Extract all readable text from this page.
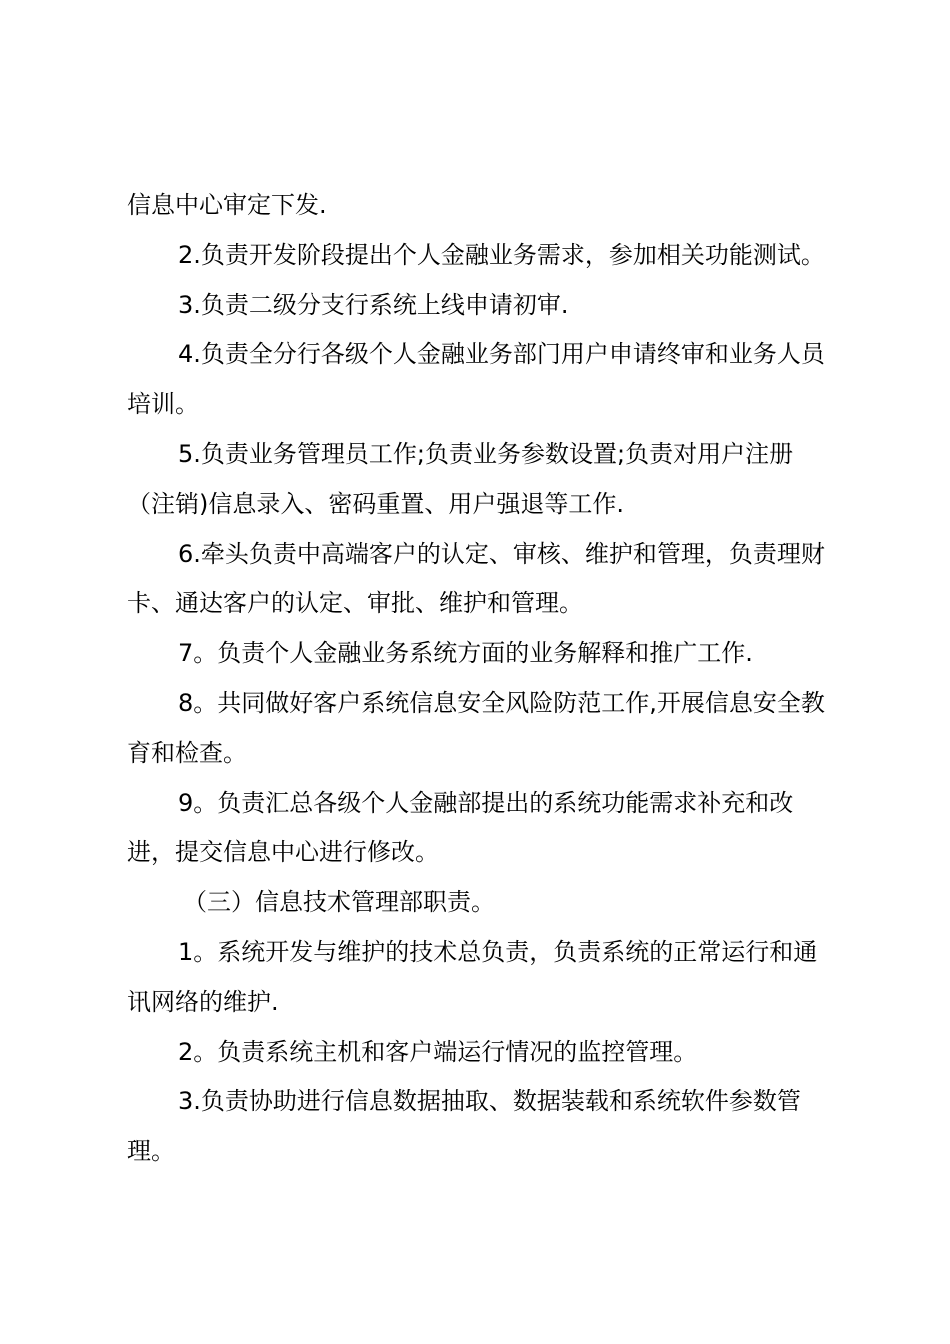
信息中心审定下发.

2.负责开发阶段提出个人金融业务需求，参加相关功能测试。

3.负责二级分支行系统上线申请初审.

4.负责全分行各级个人金融业务部门用户申请终审和业务人员培训。

5.负责业务管理员工作;负责业务参数设置;负责对用户注册（注销)信息录入、密码重置、用户强退等工作.

6.牵头负责中高端客户的认定、审核、维护和管理，负责理财卡、通达客户的认定、审批、维护和管理。

7。负责个人金融业务系统方面的业务解释和推广工作.

8。共同做好客户系统信息安全风险防范工作,开展信息安全教育和检查。

9。负责汇总各级个人金融部提出的系统功能需求补充和改进，提交信息中心进行修改。

（三）信息技术管理部职责。

1。系统开发与维护的技术总负责，负责系统的正常运行和通讯网络的维护.

2。负责系统主机和客户端运行情况的监控管理。

3.负责协助进行信息数据抽取、数据装载和系统软件参数管理。
